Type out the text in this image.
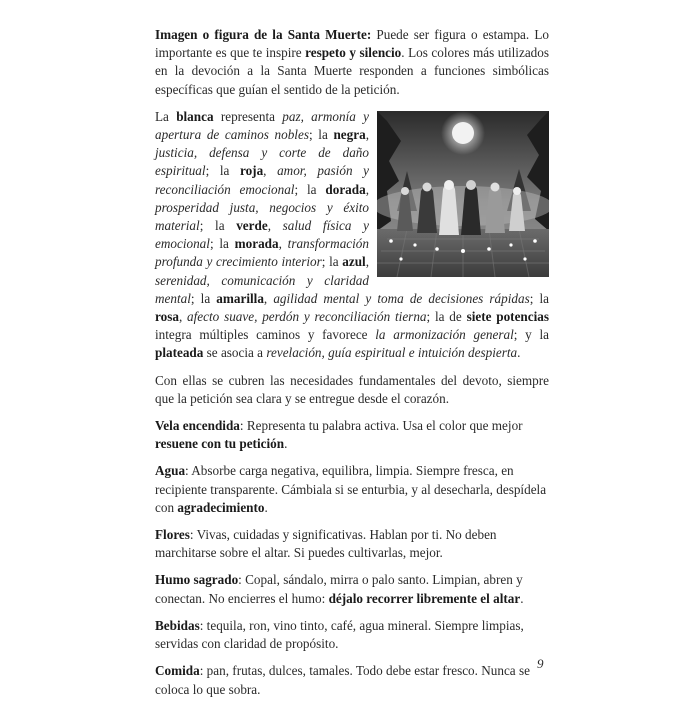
Imagen o figura de la Santa Muerte: Puede ser figura o estampa. Lo importante es que te inspire respeto y silencio. Los colores más utilizados en la devoción a la Santa Muerte responden a funciones simbólicas específicas que guían el sentido de la petición.

La blanca representa paz, armonía y apertura de caminos nobles; la negra, justicia, defensa y corte de daño espiritual; la roja, amor, pasión y reconciliación emocional; la dorada, prosperidad justa, negocios y éxito material; la verde, salud física y emocional; la morada, transformación profunda y crecimiento interior; la azul, serenidad, comunicación y claridad mental; la amarilla, agilidad mental y toma de decisiones rápidas; la rosa, afecto suave, perdón y reconciliación tierna; la de siete potencias integra múltiples caminos y favorece la armonización general; y la plateada se asocia a revelación, guía espiritual e intuición despierta.

Con ellas se cubren las necesidades fundamentales del devoto, siempre que la petición sea clara y se entregue desde el corazón.

Vela encendida: Representa tu palabra activa. Usa el color que mejor resuene con tu petición.

Agua: Absorbe carga negativa, equilibra, limpia. Siempre fresca, en recipiente transparente. Cámbiala si se enturbia, y al desecharla, despídela con agradecimiento.

Flores: Vivas, cuidadas y significativas. Hablan por ti. No deben marchitarse sobre el altar. Si puedes cultivarlas, mejor.

Humo sagrado: Copal, sándalo, mirra o palo santo. Limpian, abren y conectan. No encierres el humo: déjalo recorrer libremente el altar.

Bebidas: tequila, ron, vino tinto, café, agua mineral. Siempre limpias, servidas con claridad de propósito.

Comida: pan, frutas, dulces, tamales. Todo debe estar fresco. Nunca se coloca lo que sobra.

9
